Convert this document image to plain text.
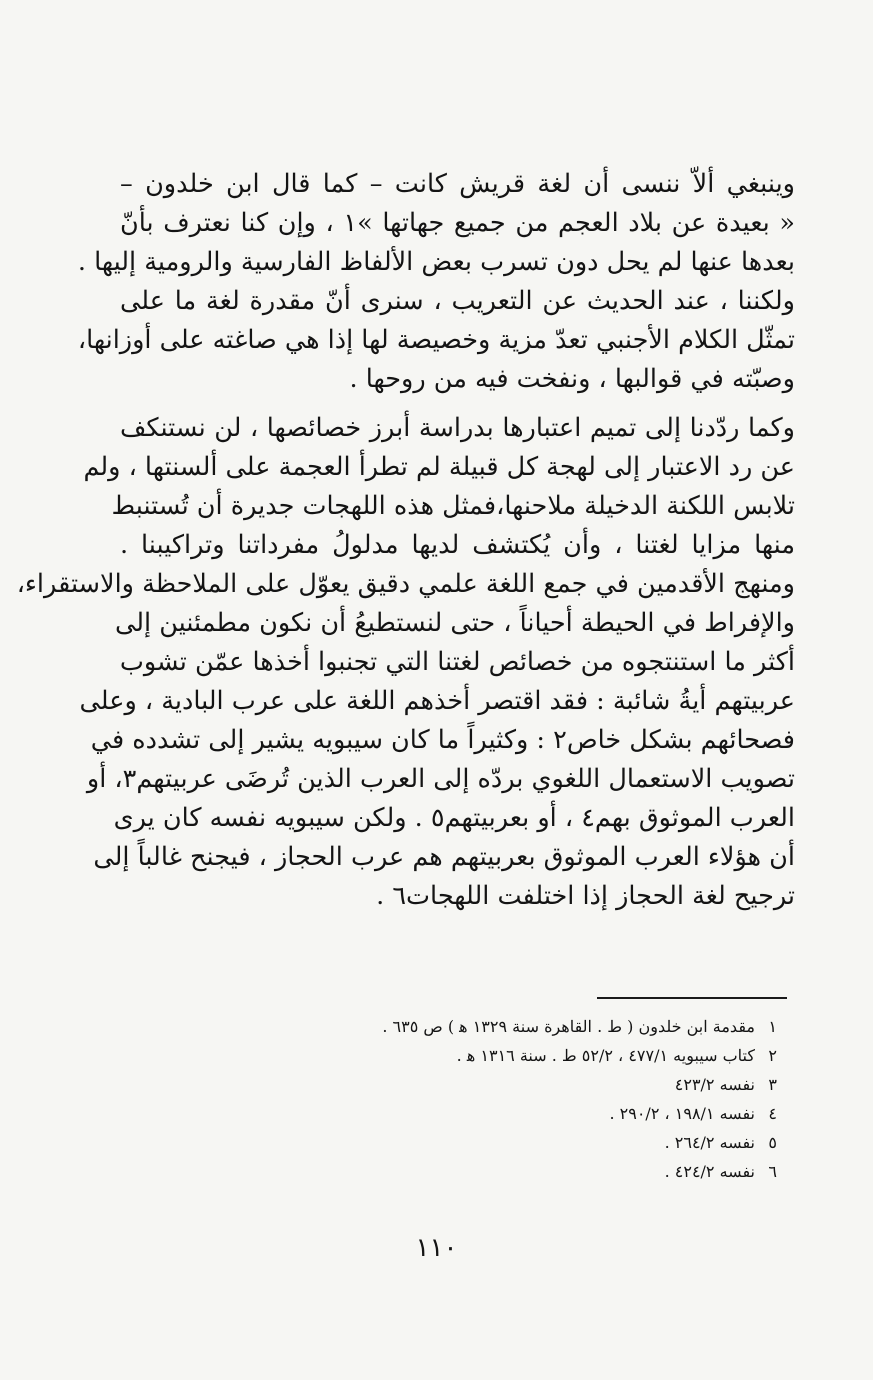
وينبغي ألاّ ننسى أن لغة قريش كانت – كما قال ابن خلدون –
« بعيدة عن بلاد العجم من جميع جهاتها »١ ، وإن كنا نعترف بأنّ
بعدها عنها لم يحل دون تسرب بعض الألفاظ الفارسية والرومية إليها .
ولكننا ، عند الحديث عن التعريب ، سنرى أنّ مقدرة لغة ما على
تمثّل الكلام الأجنبي تعدّ مزية وخصيصة لها إذا هي صاغته على أوزانها،
وصبّته في قوالبها ، ونفخت فيه من روحها .
وكما ردّدنا إلى تميم اعتبارها بدراسة أبرز خصائصها ، لن نستنكف
عن رد الاعتبار إلى لهجة كل قبيلة لم تطرأ العجمة على ألسنتها ، ولم
تلابس اللكنة الدخيلة ملاحنها،فمثل هذه اللهجات جديرة أن تُستنبط
منها مزايا لغتنا ، وأن يُكتشف لديها مدلولُ مفرداتنا وتراكيبنا .
ومنهج الأقدمين في جمع اللغة علمي دقيق يعوّل على الملاحظة والاستقراء،
والإفراط في الحيطة أحياناً ، حتى لنستطيعُ أن نكون مطمئنين إلى
أكثر ما استنتجوه من خصائص لغتنا التي تجنبوا أخذها عمّن تشوب
عربيتهم أيةُ شائبة : فقد اقتصر أخذهم اللغة على عرب البادية ، وعلى
فصحائهم بشكل خاص٢ : وكثيراً ما كان سيبويه يشير إلى تشدده في
تصويب الاستعمال اللغوي بردّه إلى العرب الذين تُرضَى عربيتهم٣، أو
العرب الموثوق بهم٤ ، أو بعربيتهم٥ . ولكن سيبويه نفسه كان يرى
أن هؤلاء العرب الموثوق بعربيتهم هم عرب الحجاز ، فيجنح غالباً إلى
ترجيح لغة الحجاز إذا اختلفت اللهجات٦ .
١مقدمة ابن خلدون ( ط . القاهرة سنة ١٣٢٩ ﻫ ) ص ٦٣٥ .
٢كتاب سيبويه ٤٧٧/١ ، ٥٢/٢ ط . سنة ١٣١٦ ﻫ .
٣نفسه ٤٢٣/٢
٤نفسه ١٩٨/١ ، ٢٩٠/٢ .
٥نفسه ٢٦٤/٢ .
٦نفسه ٤٢٤/٢ .
١١٠
